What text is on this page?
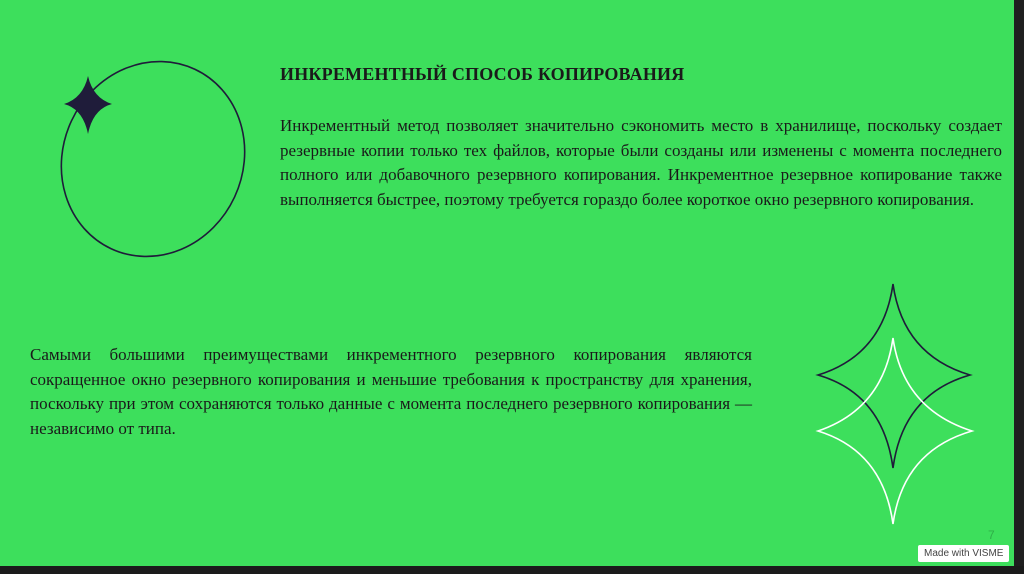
ИНКРЕМЕНТНЫЙ СПОСОБ КОПИРОВАНИЯ
Инкрементный метод позволяет значительно сэкономить место в хранилище, поскольку создает резервные копии только тех файлов, которые были созданы или изменены с момента последнего полного или добавочного резервного копирования. Инкрементное резервное копирование также выполняется быстрее, поэтому требуется гораздо более короткое окно резервного копирования.
Самыми большими преимуществами инкрементного резервного копирования являются сокращенное окно резервного копирования и меньшие требования к пространству для хранения, поскольку при этом сохраняются только данные с момента последнего резервного копирования — независимо от типа.
7
Made with VISME
